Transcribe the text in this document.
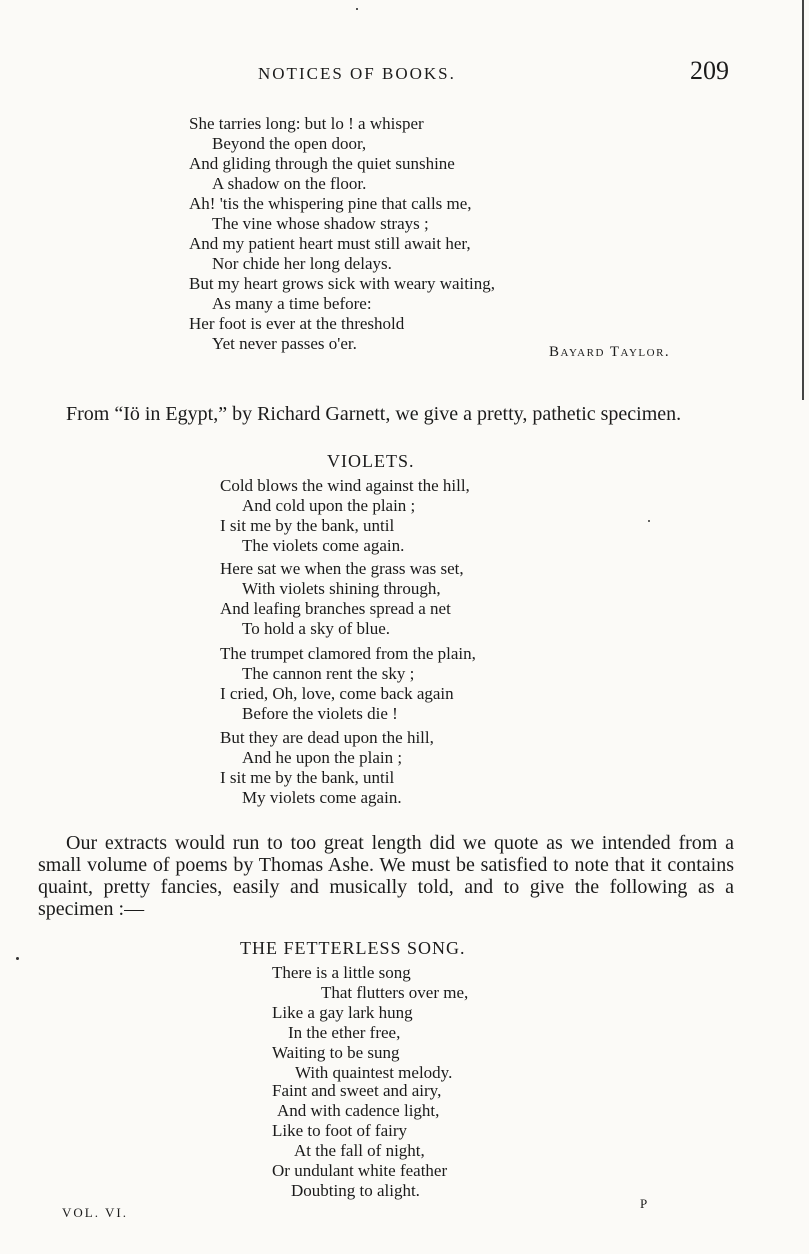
NOTICES OF BOOKS.	209
She tarries long: but lo ! a whisper
Beyond the open door,
And gliding through the quiet sunshine
A shadow on the floor.
Ah! 'tis the whispering pine that calls me,
The vine whose shadow strays ;
And my patient heart must still await her,
Nor chide her long delays.
But my heart grows sick with weary waiting,
As many a time before:
Her foot is ever at the threshold
Yet never passes o'er.	Bayard Taylor.
From “Iö in Egypt,” by Richard Garnett, we give a pretty, pathetic specimen.
VIOLETS.
Cold blows the wind against the hill,
And cold upon the plain ;
I sit me by the bank, until
The violets come again.
Here sat we when the grass was set,
With violets shining through,
And leafing branches spread a net
To hold a sky of blue.
The trumpet clamored from the plain,
The cannon rent the sky ;
I cried, Oh, love, come back again
Before the violets die !
But they are dead upon the hill,
And he upon the plain ;
I sit me by the bank, until
My violets come again.
Our extracts would run to too great length did we quote as we intended from a small volume of poems by Thomas Ashe. We must be satisfied to note that it contains quaint, pretty fancies, easily and musically told, and to give the following as a specimen :—
THE FETTERLESS SONG.
There is a little song
That flutters over me,
Like a gay lark hung
In the ether free,
Waiting to be sung
With quaintest melody.
Faint and sweet and airy,
And with cadence light,
Like to foot of fairy
At the fall of night,
Or undulant white feather
Doubting to alight.
VOL. VI.
P
